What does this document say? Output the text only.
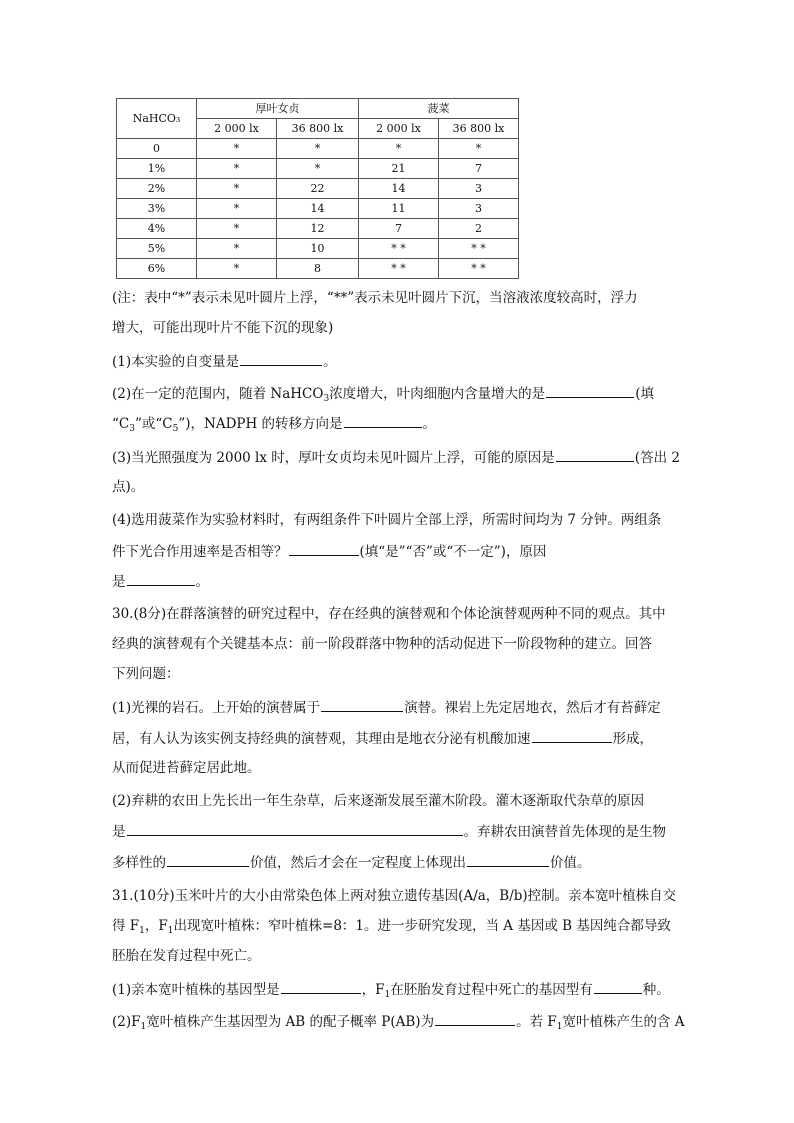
NaHCO₃	厚叶女贞		菠菜	
	2 000 lx	36 800 lx	2 000 lx	36 800 lx
0	*	*	*	*
1%	*	*	21	7
2%	*	22	14	3
3%	*	14	11	3
4%	*	12	7	2
5%	*	10	* *	* *
6%	*	8	* *	* *
(注：表中“*”表示未见叶圆片上浮，“**”表示未见叶圆片下沉，当溶液浓度较高时，浮力
增大，可能出现叶片不能下沉的现象)
(1)本实验的自变量是	。
(2)在一定的范围内，随着 NaHCO$_3$浓度增大，叶肉细胞内含量增大的是	(填
“$C_3$”或“$C_5$”)，NADPH 的转移方向是	。
(3)当光照强度为 2000 lx 时，厚叶女贞均未见叶圆片上浮，可能的原因是	(答出 2
点)。
(4)选用菠菜作为实验材料时，有两组条件下叶圆片全部上浮，所需时间均为 7 分钟。两组条
件下光合作用速率是否相等？	(填“是”“否”或“不一定”)，原因
是	。
30.(8分)在群落演替的研究过程中，存在经典的演替观和个体论演替观两种不同的观点。其中
经典的演替观有个关键基本点：前一阶段群落中物种的活动促进下一阶段物种的建立。回答
下列问题：
(1)光裸的岩石。上开始的演替属于	演替。裸岩上先定居地衣，然后才有苔藓定
居，有人认为该实例支持经典的演替观，其理由是地衣分泌有机酸加速	形成，
从而促进苔藓定居此地。
(2)弃耕的农田上先长出一年生杂草，后来逐渐发展至灌木阶段。灌木逐渐取代杂草的原因
是	。弃耕农田演替首先体现的是生物
多样性的	价值，然后才会在一定程度上体现出	价值。
31.(10分)玉米叶片的大小由常染色体上两对独立遗传基因(A/a，B/b)控制。亲本宽叶植株自交
得 $F_1$，$F_1$出现宽叶植株：窄叶植株=8：1。进一步研究发现，当 A 基因或 B 基因纯合都导致
胚胎在发育过程中死亡。
(1)亲本宽叶植株的基因型是	，$F_1$在胚胎发育过程中死亡的基因型有	种。
$(2)F_1$宽叶植株产生基因型为 AB 的配子概率 P(AB)为	。若 $F_1$宽叶植株产生的含 A
